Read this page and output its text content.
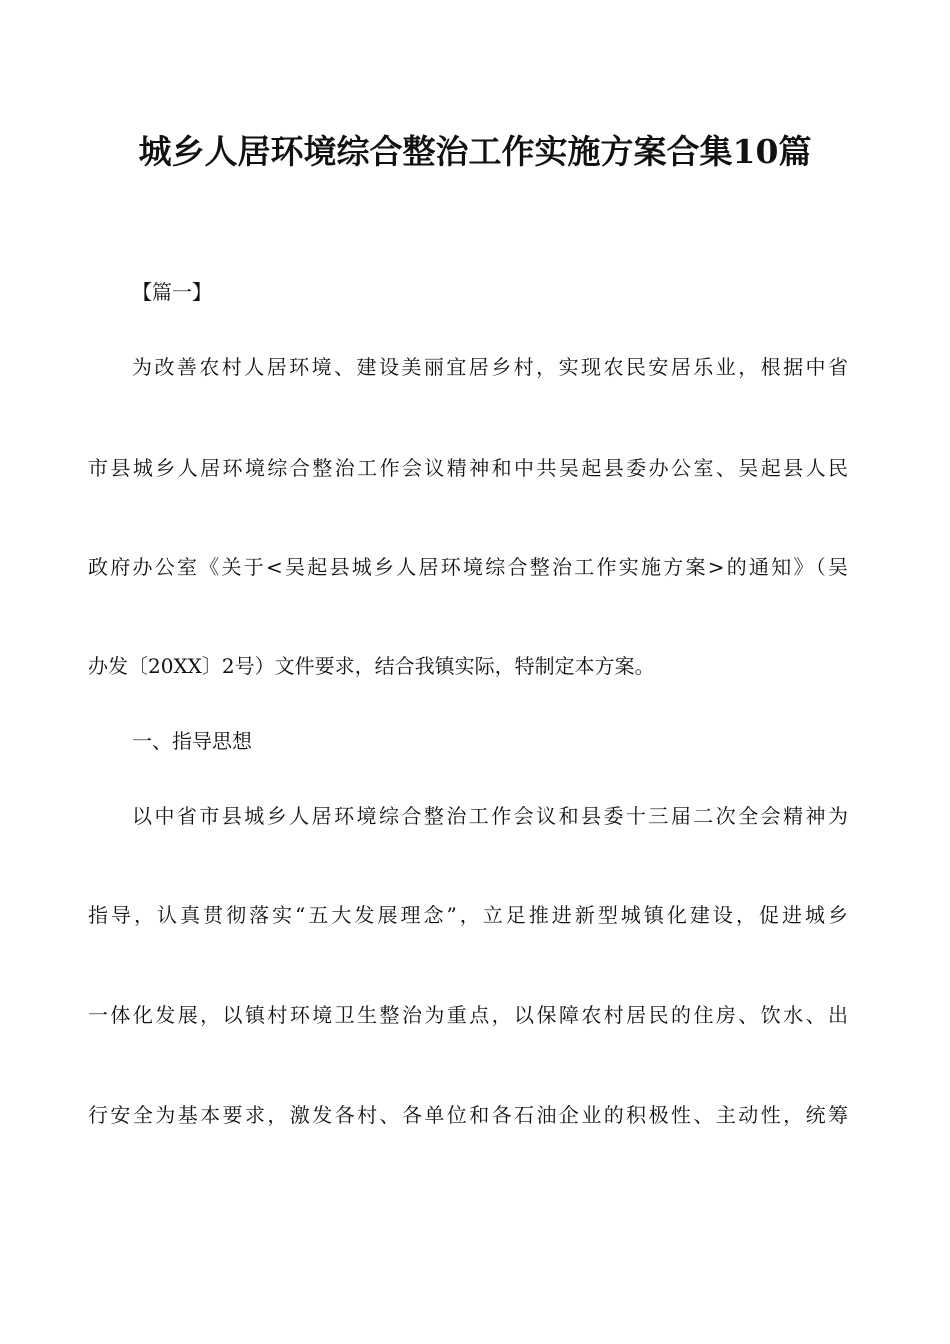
城乡人居环境综合整治工作实施方案合集10篇
【篇一】
为改善农村人居环境、建设美丽宜居乡村，实现农民安居乐业，根据中省
市县城乡人居环境综合整治工作会议精神和中共吴起县委办公室、吴起县人民
政府办公室《关于<吴起县城乡人居环境综合整治工作实施方案>的通知》（吴
办发〔20XX〕2号）文件要求，结合我镇实际，特制定本方案。
一、指导思想
以中省市县城乡人居环境综合整治工作会议和县委十三届二次全会精神为
指导，认真贯彻落实“五大发展理念”，立足推进新型城镇化建设，促进城乡
一体化发展，以镇村环境卫生整治为重点，以保障农村居民的住房、饮水、出
行安全为基本要求，激发各村、各单位和各石油企业的积极性、主动性，统筹
